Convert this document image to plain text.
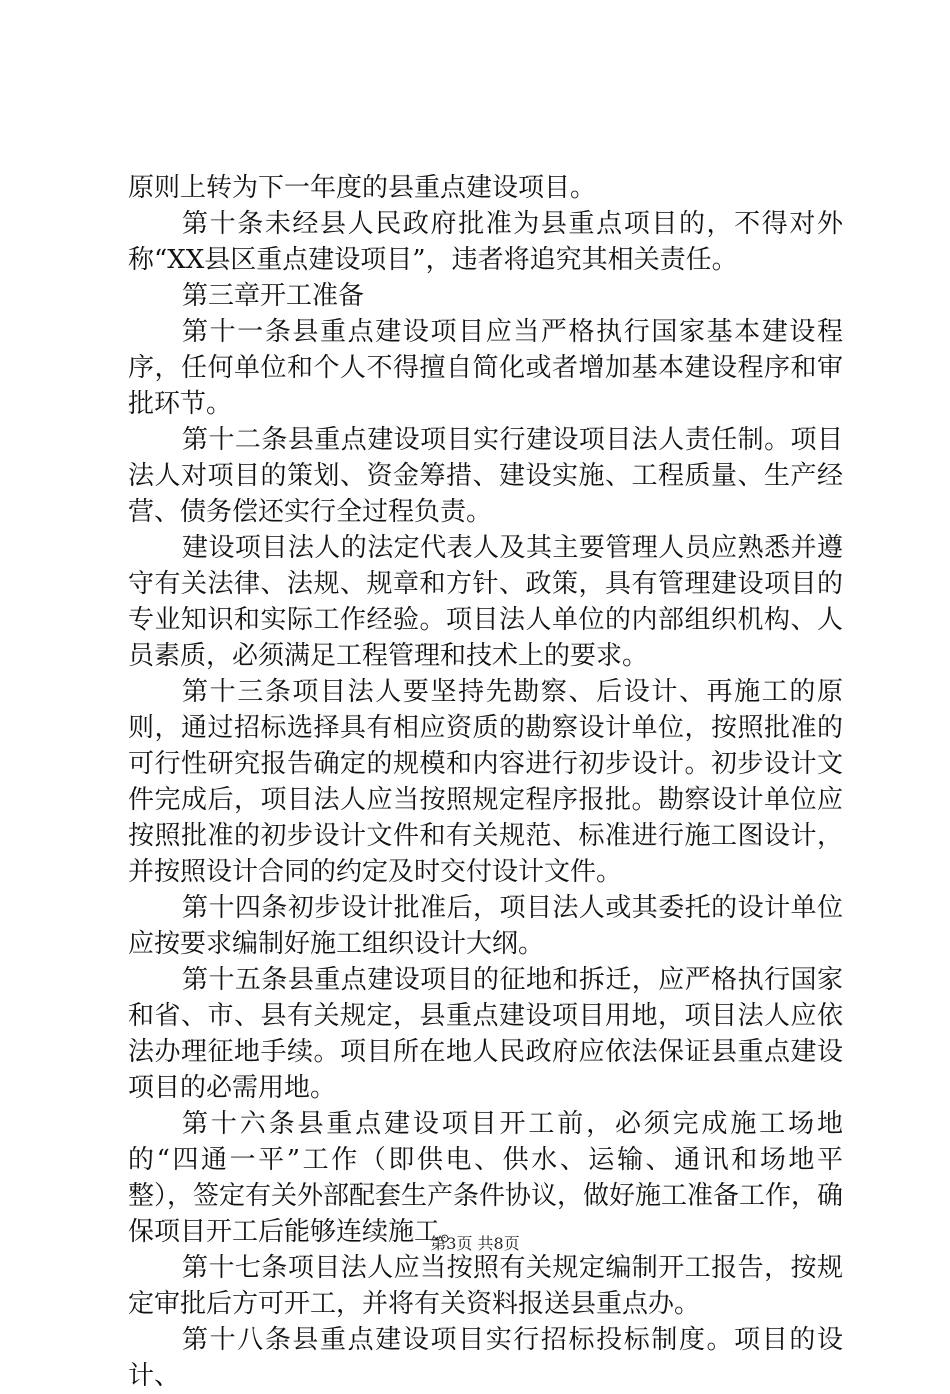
原则上转为下一年度的县重点建设项目。

第十条未经县人民政府批准为县重点项目的，不得对外称“XX县区重点建设项目”，违者将追究其相关责任。

第三章开工准备

第十一条县重点建设项目应当严格执行国家基本建设程序，任何单位和个人不得擅自简化或者增加基本建设程序和审批环节。

第十二条县重点建设项目实行建设项目法人责任制。项目法人对项目的策划、资金筹措、建设实施、工程质量、生产经营、债务偿还实行全过程负责。

建设项目法人的法定代表人及其主要管理人员应熟悉并遵守有关法律、法规、规章和方针、政策，具有管理建设项目的专业知识和实际工作经验。项目法人单位的内部组织机构、人员素质，必须满足工程管理和技术上的要求。

第十三条项目法人要坚持先勘察、后设计、再施工的原则，通过招标选择具有相应资质的勘察设计单位，按照批准的可行性研究报告确定的规模和内容进行初步设计。初步设计文件完成后，项目法人应当按照规定程序报批。勘察设计单位应按照批准的初步设计文件和有关规范、标准进行施工图设计，并按照设计合同的约定及时交付设计文件。

第十四条初步设计批准后，项目法人或其委托的设计单位应按要求编制好施工组织设计大纲。

第十五条县重点建设项目的征地和拆迁，应严格执行国家和省、市、县有关规定，县重点建设项目用地，项目法人应依法办理征地手续。项目所在地人民政府应依法保证县重点建设项目的必需用地。

第十六条县重点建设项目开工前，必须完成施工场地的“四通一平”工作（即供电、供水、运输、通讯和场地平整），签定有关外部配套生产条件协议，做好施工准备工作，确保项目开工后能够连续施工。

第十七条项目法人应当按照有关规定编制开工报告，按规定审批后方可开工，并将有关资料报送县重点办。

第十八条县重点建设项目实行招标投标制度。项目的设计、

第3页 共8页
